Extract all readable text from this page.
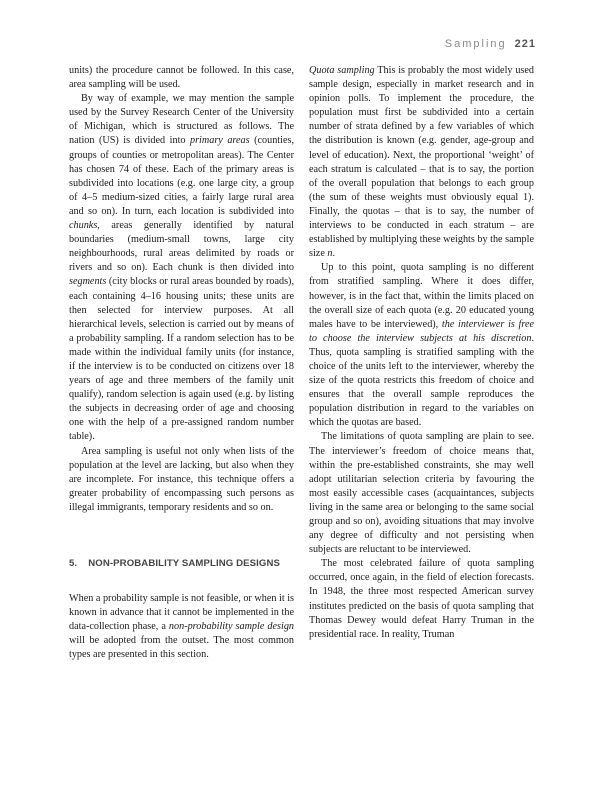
Sampling 221

units) the procedure cannot be followed. In this case, area sampling will be used.

By way of example, we may mention the sample used by the Survey Research Center of the University of Michigan, which is structured as follows. The nation (US) is divided into primary areas (counties, groups of counties or metropolitan areas). The Center has chosen 74 of these. Each of the primary areas is subdivided into locations (e.g. one large city, a group of 4–5 medium-sized cities, a fairly large rural area and so on). In turn, each location is subdivided into chunks, areas generally identified by natural boundaries (medium-small towns, large city neighbourhoods, rural areas delimited by roads or rivers and so on). Each chunk is then divided into segments (city blocks or rural areas bounded by roads), each containing 4–16 housing units; these units are then selected for interview purposes. At all hierarchical levels, selection is carried out by means of a probability sampling. If a random selection has to be made within the individual family units (for instance, if the interview is to be conducted on citizens over 18 years of age and three members of the family unit qualify), random selection is again used (e.g. by listing the subjects in decreasing order of age and choosing one with the help of a pre-assigned random number table).

Area sampling is useful not only when lists of the population at the level are lacking, but also when they are incomplete. For instance, this technique offers a greater probability of encompassing such persons as illegal immigrants, temporary residents and so on.

5. NON-PROBABILITY SAMPLING DESIGNS

When a probability sample is not feasible, or when it is known in advance that it cannot be implemented in the data-collection phase, a non-probability sample design will be adopted from the outset. The most common types are presented in this section.

Quota sampling This is probably the most widely used sample design, especially in market research and in opinion polls. To implement the procedure, the population must first be subdivided into a certain number of strata defined by a few variables of which the distribution is known (e.g. gender, age-group and level of education). Next, the proportional ‘weight’ of each stratum is calculated – that is to say, the portion of the overall population that belongs to each group (the sum of these weights must obviously equal 1). Finally, the quotas – that is to say, the number of interviews to be conducted in each stratum – are established by multiplying these weights by the sample size n.

Up to this point, quota sampling is no different from stratified sampling. Where it does differ, however, is in the fact that, within the limits placed on the overall size of each quota (e.g. 20 educated young males have to be interviewed), the interviewer is free to choose the interview subjects at his discretion. Thus, quota sampling is stratified sampling with the choice of the units left to the interviewer, whereby the size of the quota restricts this freedom of choice and ensures that the overall sample reproduces the population distribution in regard to the variables on which the quotas are based.

The limitations of quota sampling are plain to see. The interviewer’s freedom of choice means that, within the pre-established constraints, she may well adopt utilitarian selection criteria by favouring the most easily accessible cases (acquaintances, subjects living in the same area or belonging to the same social group and so on), avoiding situations that may involve any degree of difficulty and not persisting when subjects are reluctant to be interviewed.

The most celebrated failure of quota sampling occurred, once again, in the field of election forecasts. In 1948, the three most respected American survey institutes predicted on the basis of quota sampling that Thomas Dewey would defeat Harry Truman in the presidential race. In reality, Truman
